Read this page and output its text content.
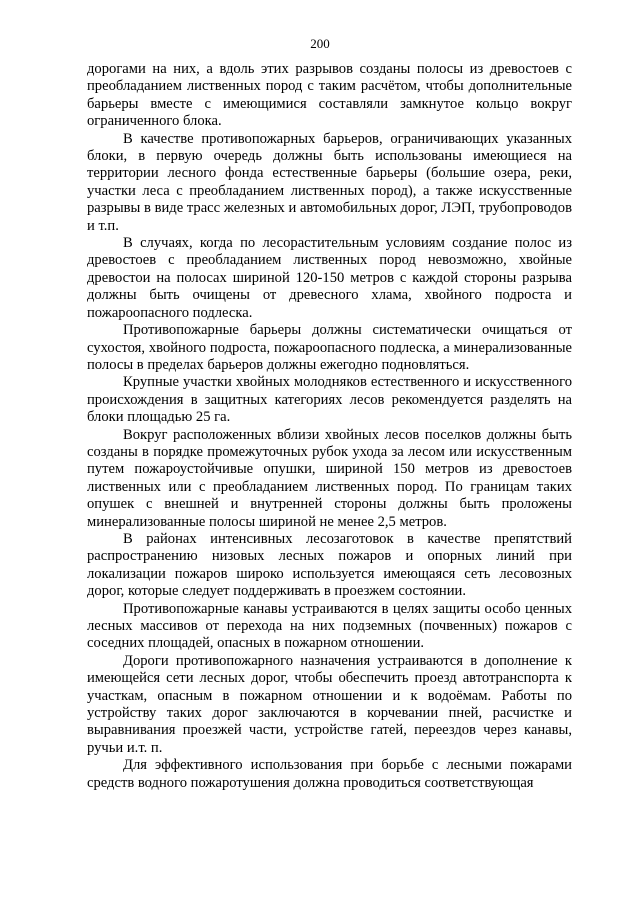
200

дорогами на них, а вдоль этих разрывов созданы полосы из древостоев с преобладанием лиственных пород с таким расчётом, чтобы дополнительные барьеры вместе с имеющимися составляли замкнутое кольцо вокруг ограниченного блока.

В качестве противопожарных барьеров, ограничивающих указанных блоки, в первую очередь должны быть использованы имеющиеся на территории лесного фонда естественные барьеры (большие озера, реки, участки леса с преобладанием лиственных пород), а также искусственные разрывы в виде трасс железных и автомобильных дорог, ЛЭП, трубопроводов и т.п.

В случаях, когда по лесорастительным условиям создание полос из древостоев с преобладанием лиственных пород невозможно, хвойные древостои на полосах шириной 120-150 метров с каждой стороны разрыва должны быть очищены от древесного хлама, хвойного подроста и пожароопасного подлеска.

Противопожарные барьеры должны систематически очищаться от сухостоя, хвойного подроста, пожароопасного подлеска, а минерализованные полосы в пределах барьеров должны ежегодно подновляться.

Крупные участки хвойных молодняков естественного и искусственного происхождения в защитных категориях лесов рекомендуется разделять на блоки площадью 25 га.

Вокруг расположенных вблизи хвойных лесов поселков должны быть созданы в порядке промежуточных рубок ухода за лесом или искусственным путем пожароустойчивые опушки, шириной 150 метров из древостоев лиственных или с преобладанием лиственных пород. По границам таких опушек с внешней и внутренней стороны должны быть проложены минерализованные полосы шириной не менее 2,5 метров.

В районах интенсивных лесозаготовок в качестве препятствий распространению низовых лесных пожаров и опорных линий при локализации пожаров широко используется имеющаяся сеть лесовозных дорог, которые следует поддерживать в проезжем состоянии.

Противопожарные канавы устраиваются в целях защиты особо ценных лесных массивов от перехода на них подземных (почвенных) пожаров с соседних площадей, опасных в пожарном отношении.

Дороги противопожарного назначения устраиваются в дополнение к имеющейся сети лесных дорог, чтобы обеспечить проезд автотранспорта к участкам, опасным в пожарном отношении и к водоёмам. Работы по устройству таких дорог заключаются в корчевании пней, расчистке и выравнивания проезжей части, устройстве гатей, переездов через канавы, ручьи и.т. п.

Для эффективного использования при борьбе с лесными пожарами средств водного пожаротушения должна проводиться соответствующая
